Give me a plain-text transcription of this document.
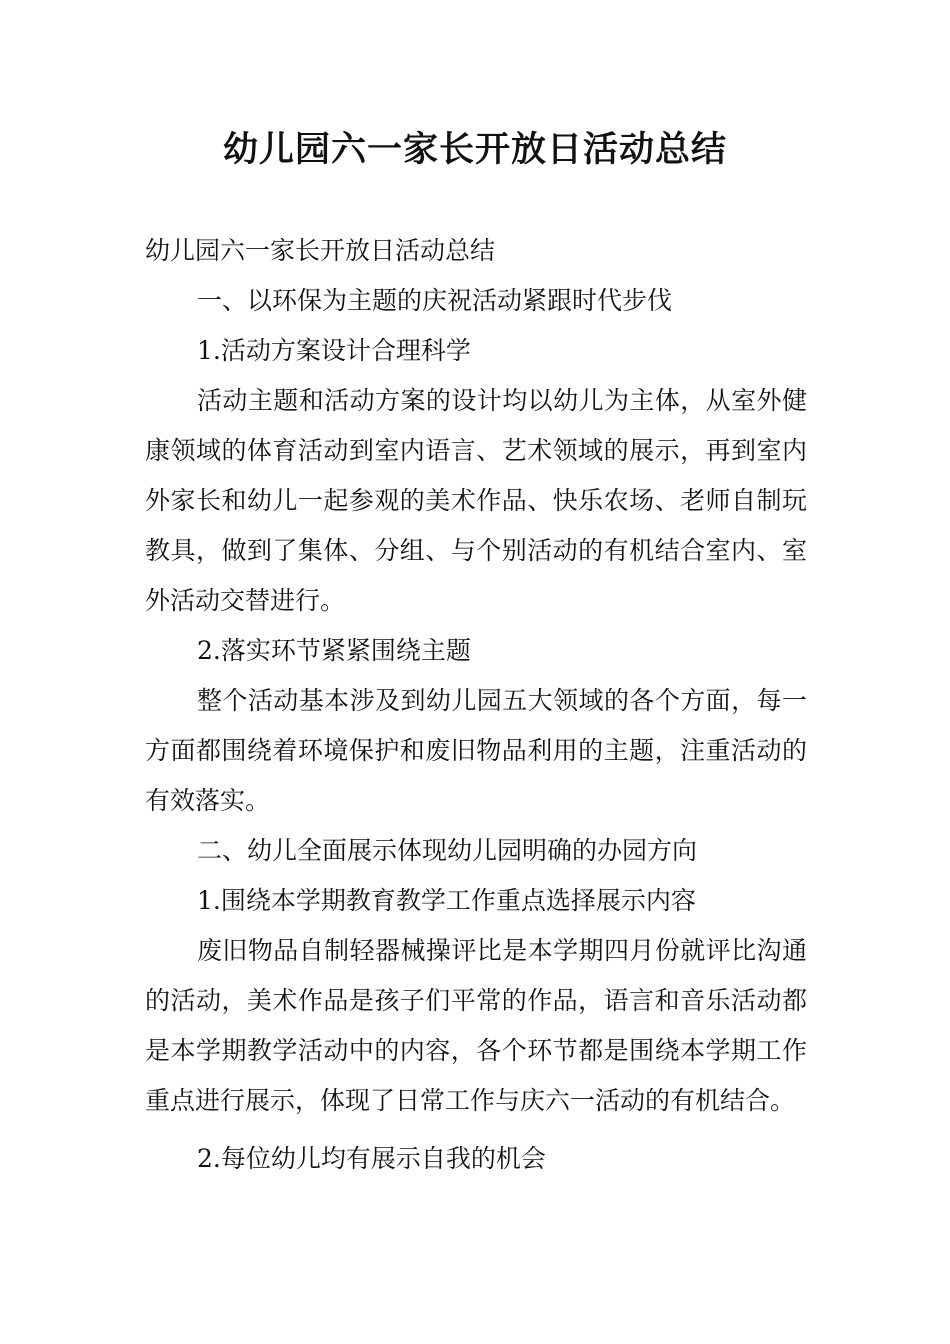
幼儿园六一家长开放日活动总结

幼儿园六一家长开放日活动总结

一、以环保为主题的庆祝活动紧跟时代步伐

1.活动方案设计合理科学

活动主题和活动方案的设计均以幼儿为主体，从室外健康领域的体育活动到室内语言、艺术领域的展示，再到室内外家长和幼儿一起参观的美术作品、快乐农场、老师自制玩教具，做到了集体、分组、与个别活动的有机结合室内、室外活动交替进行。

2.落实环节紧紧围绕主题

整个活动基本涉及到幼儿园五大领域的各个方面，每一方面都围绕着环境保护和废旧物品利用的主题，注重活动的有效落实。

二、幼儿全面展示体现幼儿园明确的办园方向

1.围绕本学期教育教学工作重点选择展示内容

废旧物品自制轻器械操评比是本学期四月份就评比沟通的活动，美术作品是孩子们平常的作品，语言和音乐活动都是本学期教学活动中的内容，各个环节都是围绕本学期工作重点进行展示，体现了日常工作与庆六一活动的有机结合。

2.每位幼儿均有展示自我的机会
